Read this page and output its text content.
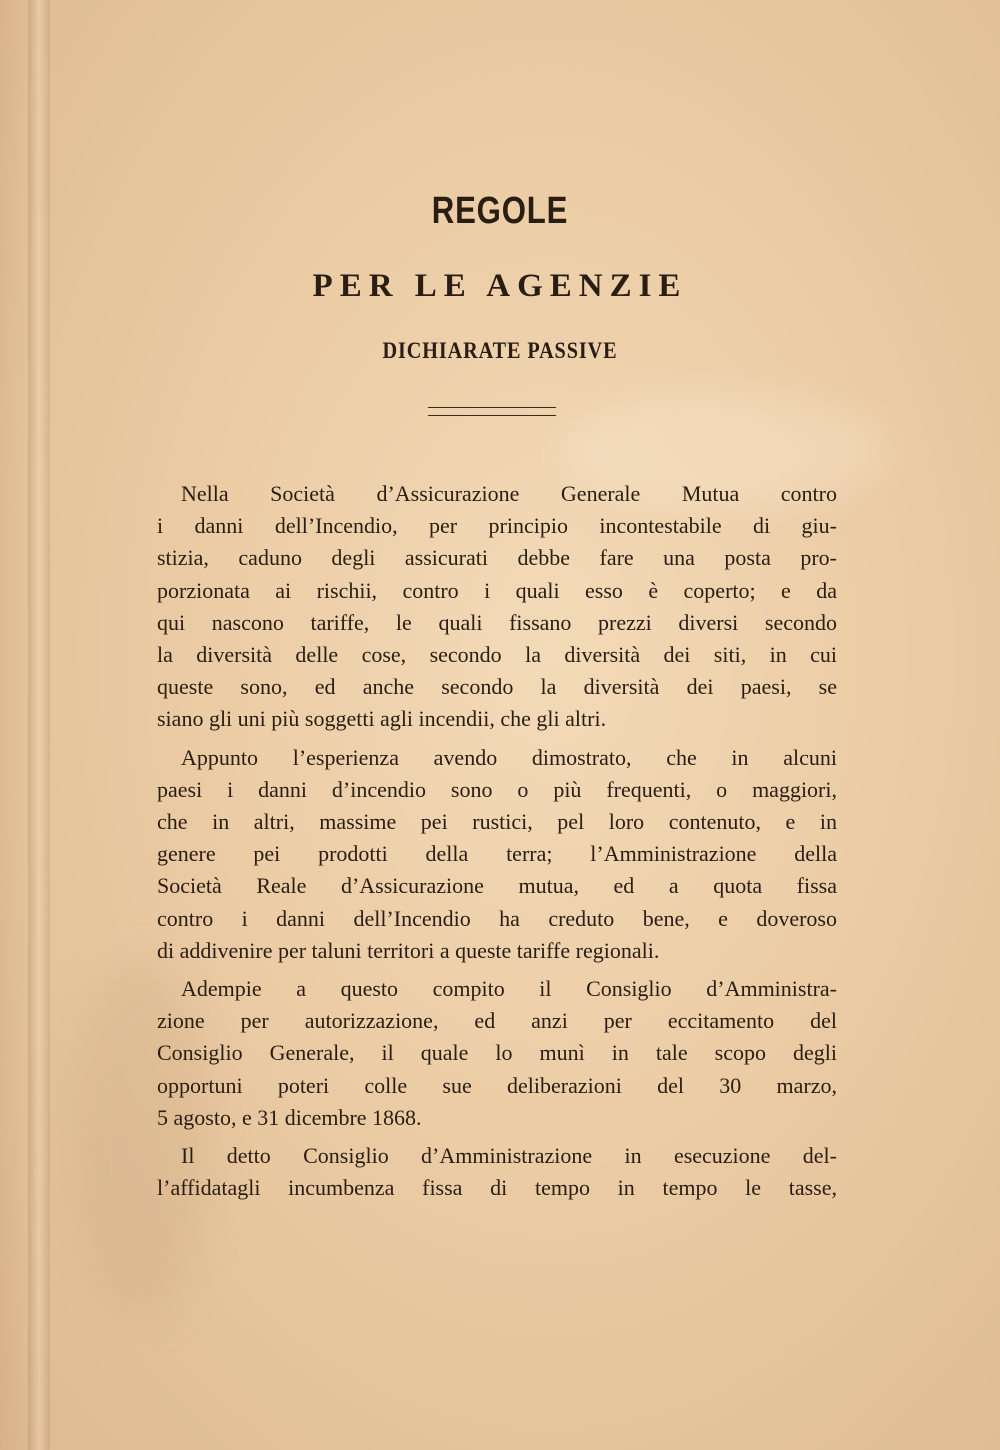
REGOLE
PER LE AGENZIE
DICHIARATE PASSIVE
Nella Società d’Assicurazione Generale Mutua contro
i danni dell’Incendio, per principio incontestabile di giu-
stizia, caduno degli assicurati debbe fare una posta pro-
porzionata ai rischii, contro i quali esso è coperto; e da
qui nascono tariffe, le quali fissano prezzi diversi secondo
la diversità delle cose, secondo la diversità dei siti, in cui
queste sono, ed anche secondo la diversità dei paesi, se
siano gli uni più soggetti agli incendii, che gli altri.
Appunto l’esperienza avendo dimostrato, che in alcuni
paesi i danni d’incendio sono o più frequenti, o maggiori,
che in altri, massime pei rustici, pel loro contenuto, e in
genere pei prodotti della terra; l’Amministrazione della
Società Reale d’Assicurazione mutua, ed a quota fissa
contro i danni dell’Incendio ha creduto bene, e doveroso
di addivenire per taluni territori a queste tariffe regionali.
Adempie a questo compito il Consiglio d’Amministra-
zione per autorizzazione, ed anzi per eccitamento del
Consiglio Generale, il quale lo munì in tale scopo degli
opportuni poteri colle sue deliberazioni del 30 marzo,
5 agosto, e 31 dicembre 1868.
Il detto Consiglio d’Amministrazione in esecuzione del-
l’affidatagli incumbenza fissa di tempo in tempo le tasse,
